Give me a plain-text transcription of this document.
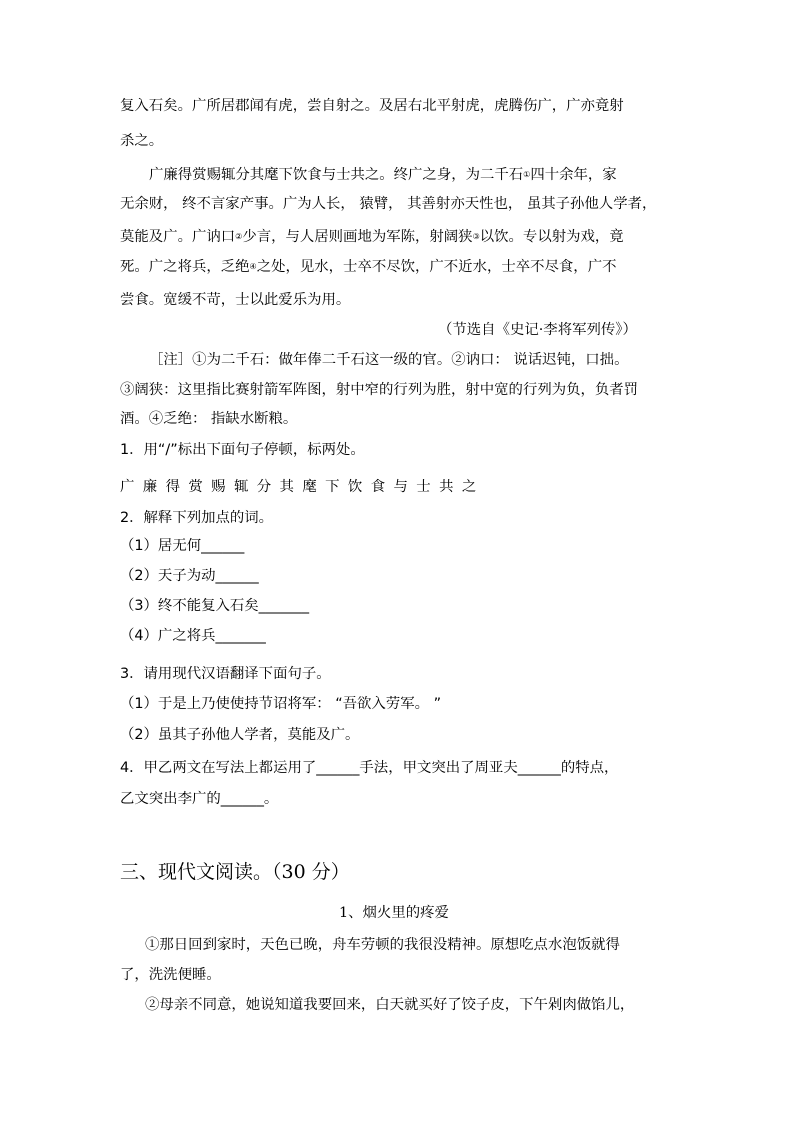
复入石矣。广所居郡闻有虎，尝自射之。及居右北平射虎，虎腾伤广，广亦竟射
杀之。
广廉得赏赐辄分其麾下饮食与士共之。终广之身，为二千石①四十余年，家
无余财， 终不言家产事。广为人长， 猿臂， 其善射亦天性也， 虽其子孙他人学者，
莫能及广。广讷口②少言，与人居则画地为军陈，射阔狭③以饮。专以射为戏，竟
死。广之将兵，乏绝④之处，见水，士卒不尽饮，广不近水，士卒不尽食，广不
尝食。宽缓不苛，士以此爱乐为用。
（节选自《史记·李将军列传》）
［注］①为二千石：做年俸二千石这一级的官。②讷口： 说话迟钝，口拙。
③阔狭：这里指比赛射箭军阵图，射中窄的行列为胜，射中宽的行列为负，负者罚
酒。④乏绝： 指缺水断粮。
1．用“/”标出下面句子停顿，标两处。
广廉得赏赐辄分其麾下饮食与士共之
2．解释下列加点的词。
（1）居无何______
（2）天子为动______
（3）终不能复入石矣_______
（4）广之将兵_______
3．请用现代汉语翻译下面句子。
（1）于是上乃使使持节诏将军： “吾欲入劳军。 ”
（2）虽其子孙他人学者，莫能及广。
4．甲乙两文在写法上都运用了______手法，甲文突出了周亚夫______的特点，
乙文突出李广的______。
三、现代文阅读。（30 分）
1、烟火里的疼爱
①那日回到家时，天色已晚，舟车劳顿的我很没精神。原想吃点水泡饭就得
了，洗洗便睡。
②母亲不同意，她说知道我要回来，白天就买好了饺子皮，下午剁肉做馅儿，
